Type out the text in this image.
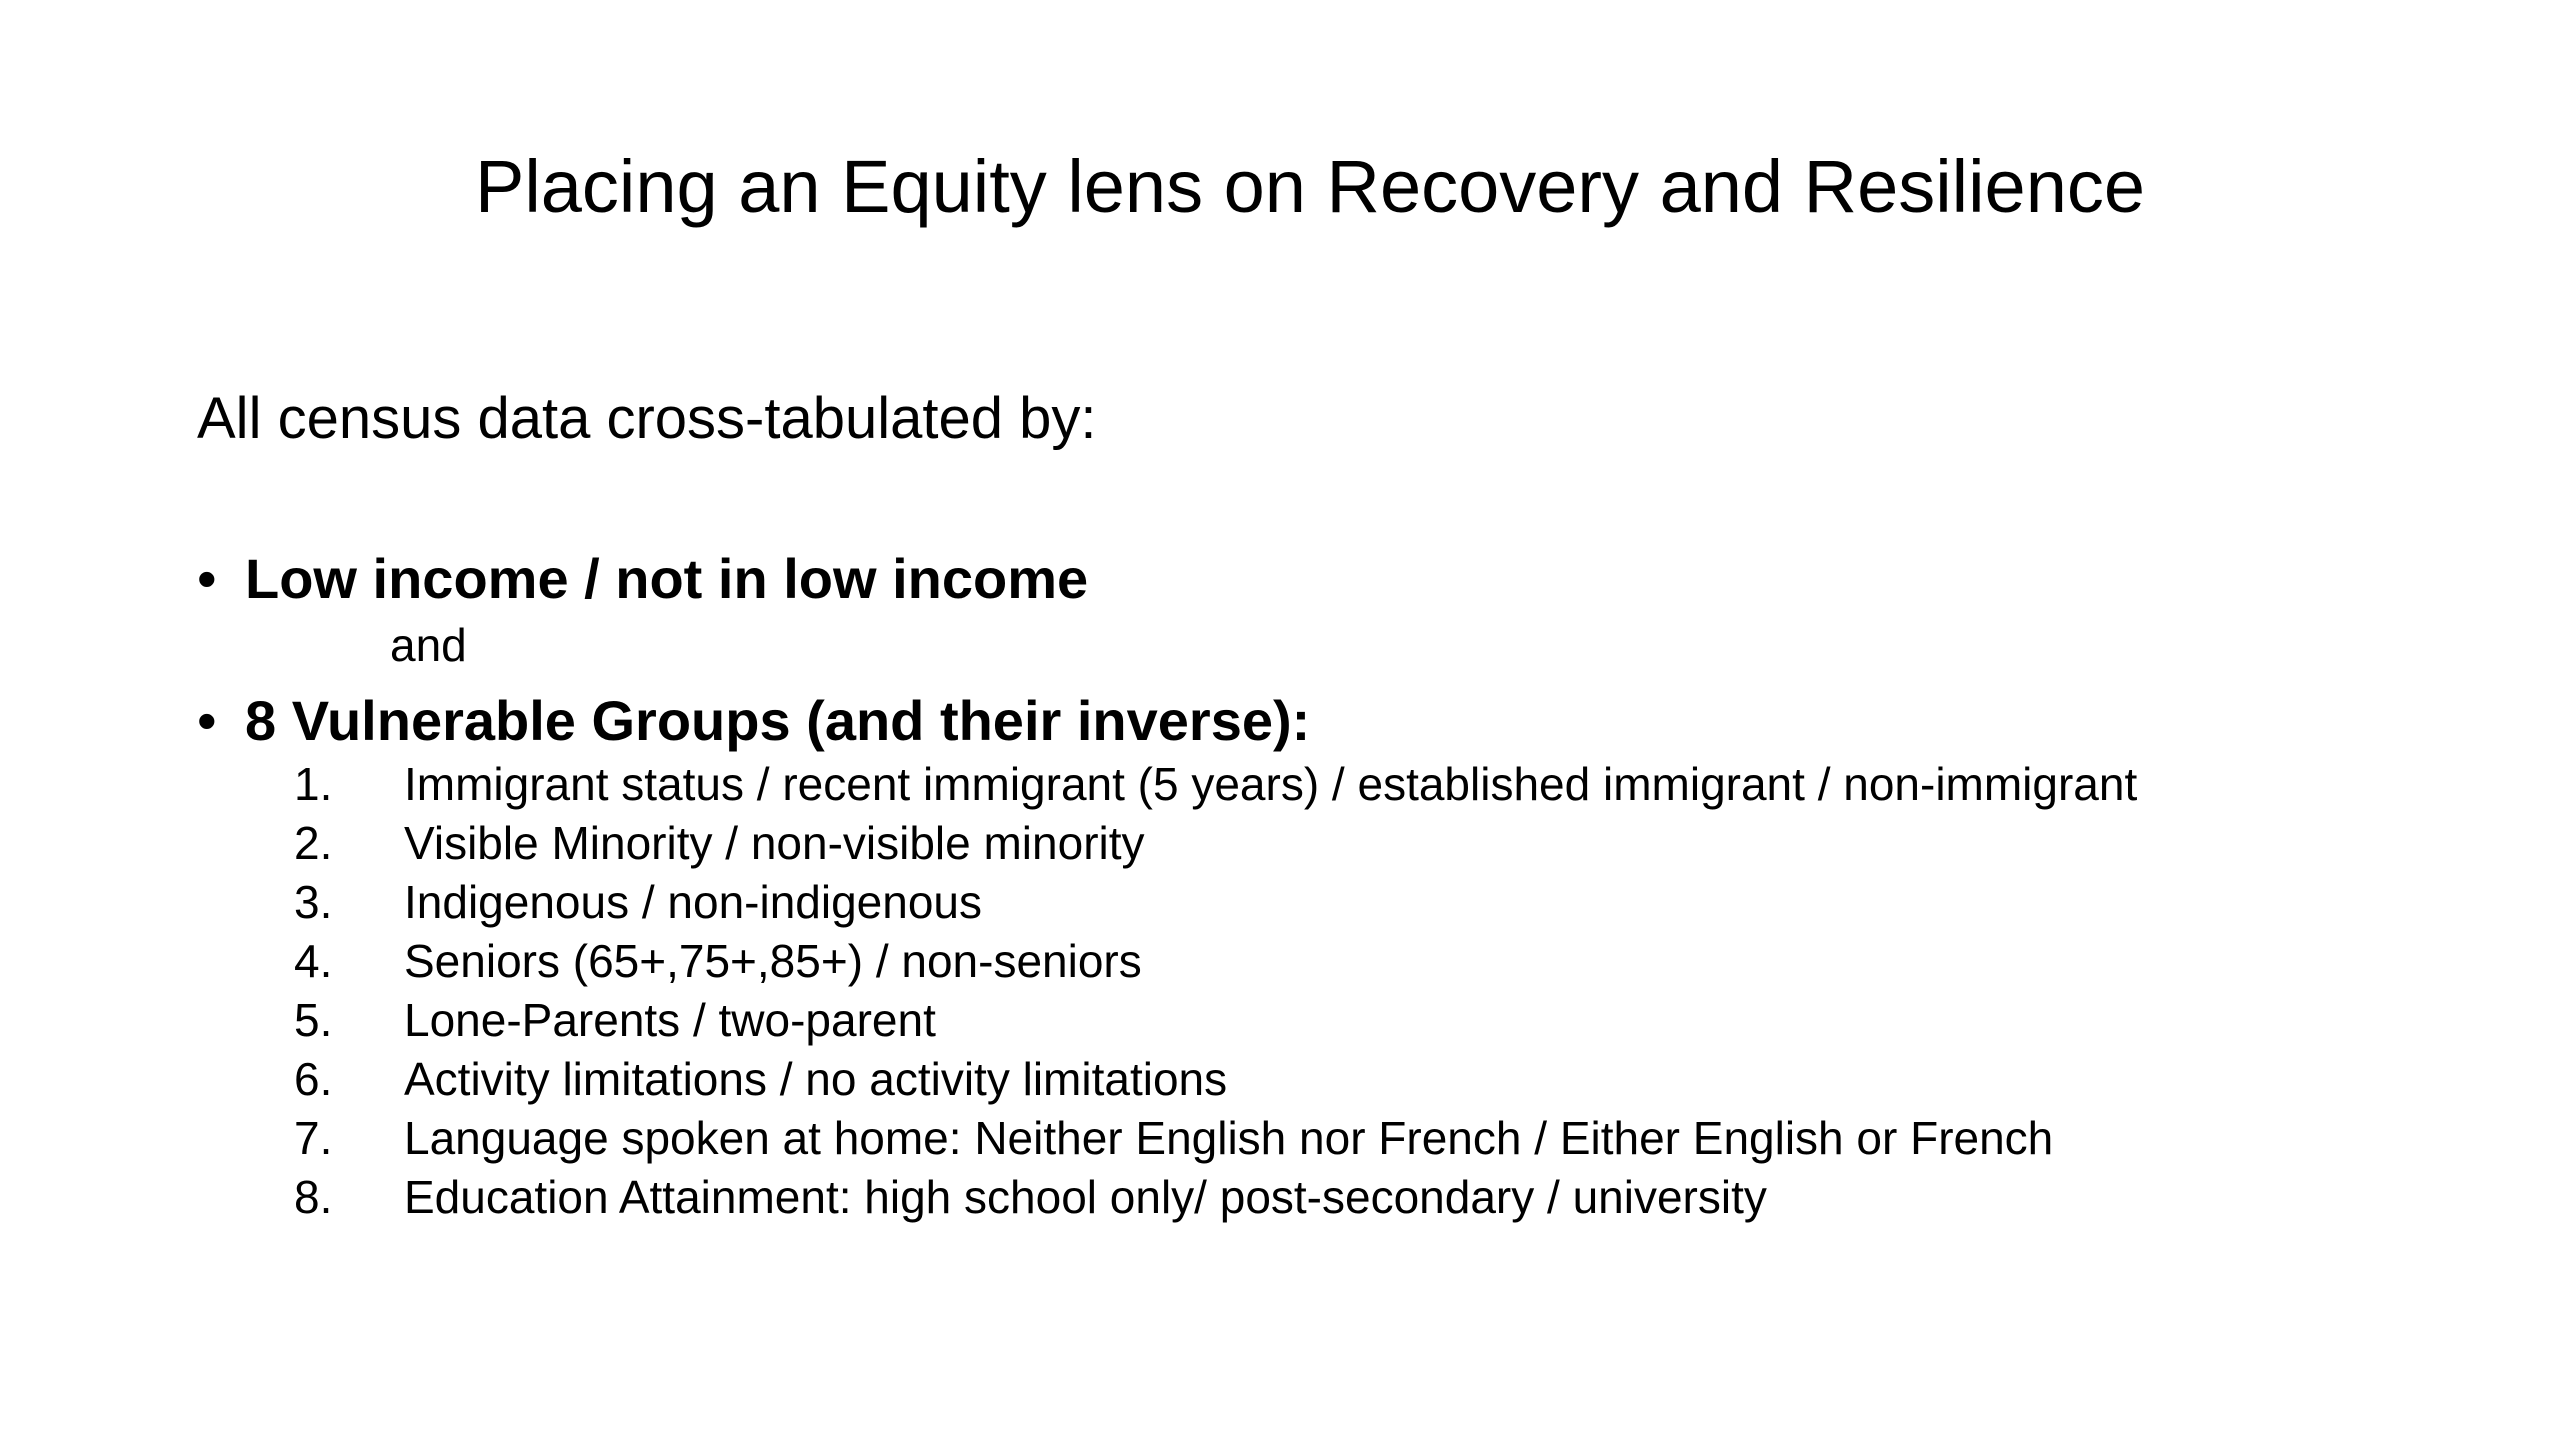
Placing an Equity lens on Recovery and Resilience
All census data cross-tabulated by:
• Low income / not in low income
and
• 8 Vulnerable Groups (and their inverse):
1. Immigrant status / recent immigrant (5 years) / established immigrant / non-immigrant
2. Visible Minority / non-visible minority
3. Indigenous / non-indigenous
4. Seniors (65+,75+,85+) / non-seniors
5. Lone-Parents / two-parent
6. Activity limitations / no activity limitations
7. Language spoken at home: Neither English nor French / Either English or French
8. Education Attainment: high school only/ post-secondary / university
